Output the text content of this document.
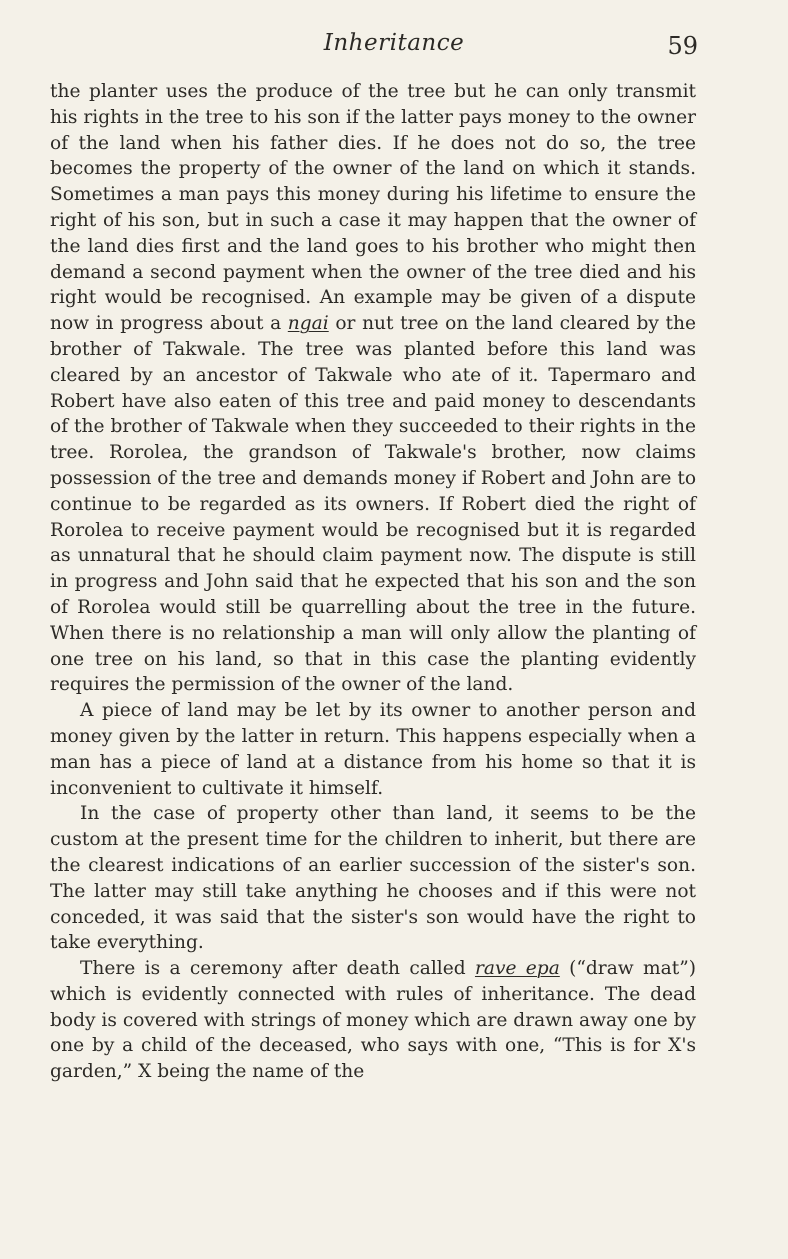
Inheritance	59

the planter uses the produce of the tree but he can only transmit his rights in the tree to his son if the latter pays money to the owner of the land when his father dies. If he does not do so, the tree becomes the property of the owner of the land on which it stands. Sometimes a man pays this money during his lifetime to ensure the right of his son, but in such a case it may happen that the owner of the land dies first and the land goes to his brother who might then demand a second payment when the owner of the tree died and his right would be recognised. An example may be given of a dispute now in progress about a ngai or nut tree on the land cleared by the brother of Takwale. The tree was planted before this land was cleared by an ancestor of Takwale who ate of it. Tapermaro and Robert have also eaten of this tree and paid money to descendants of the brother of Takwale when they succeeded to their rights in the tree. Rorolea, the grandson of Takwale's brother, now claims possession of the tree and demands money if Robert and John are to continue to be regarded as its owners. If Robert died the right of Rorolea to receive payment would be recognised but it is regarded as unnatural that he should claim payment now. The dispute is still in progress and John said that he expected that his son and the son of Rorolea would still be quarrelling about the tree in the future. When there is no relationship a man will only allow the planting of one tree on his land, so that in this case the planting evidently requires the permission of the owner of the land.

A piece of land may be let by its owner to another person and money given by the latter in return. This happens especially when a man has a piece of land at a distance from his home so that it is inconvenient to cultivate it himself.

In the case of property other than land, it seems to be the custom at the present time for the children to inherit, but there are the clearest indications of an earlier succession of the sister's son. The latter may still take anything he chooses and if this were not conceded, it was said that the sister's son would have the right to take everything.

There is a ceremony after death called rave epa (“draw mat”) which is evidently connected with rules of inheritance. The dead body is covered with strings of money which are drawn away one by one by a child of the deceased, who says with one, “This is for X's garden,” X being the name of the
